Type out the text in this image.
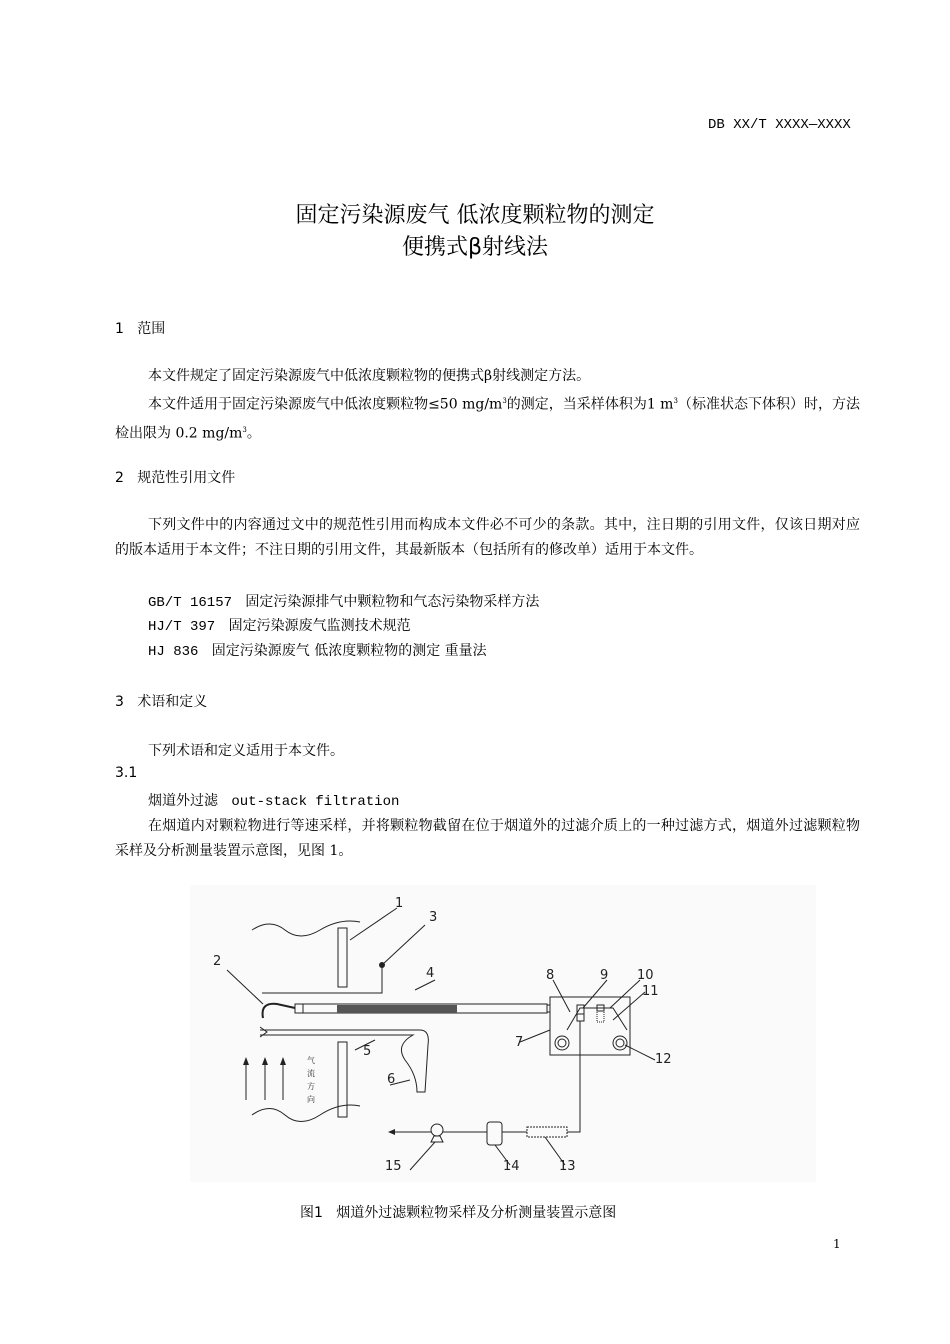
DB XX/T XXXX—XXXX
固定污染源废气 低浓度颗粒物的测定
便携式β射线法
1 范围
本文件规定了固定污染源废气中低浓度颗粒物的便携式β射线测定方法。
本文件适用于固定污染源废气中低浓度颗粒物≤50 $mg/m^3$的测定，当采样体积为1 $m^3$（标准状态下体积）时，方法检出限为 0.2 $mg/m^3$。
2 规范性引用文件
下列文件中的内容通过文中的规范性引用而构成本文件必不可少的条款。其中，注日期的引用文件，仅该日期对应的版本适用于本文件；不注日期的引用文件，其最新版本（包括所有的修改单）适用于本文件。
GB/T 16157 固定污染源排气中颗粒物和气态污染物采样方法
HJ/T 397 固定污染源废气监测技术规范
HJ 836 固定污染源废气 低浓度颗粒物的测定 重量法
3 术语和定义
下列术语和定义适用于本文件。
3.1
烟道外过滤 out-stack filtration
在烟道内对颗粒物进行等速采样，并将颗粒物截留在位于烟道外的过滤介质上的一种过滤方式，烟道外过滤颗粒物采样及分析测量装置示意图，见图 1。
1
2
3
4
5
6
7
8	9 10
11
12
13
14
15
气
流
方
向
图1 烟道外过滤颗粒物采样及分析测量装置示意图
1
